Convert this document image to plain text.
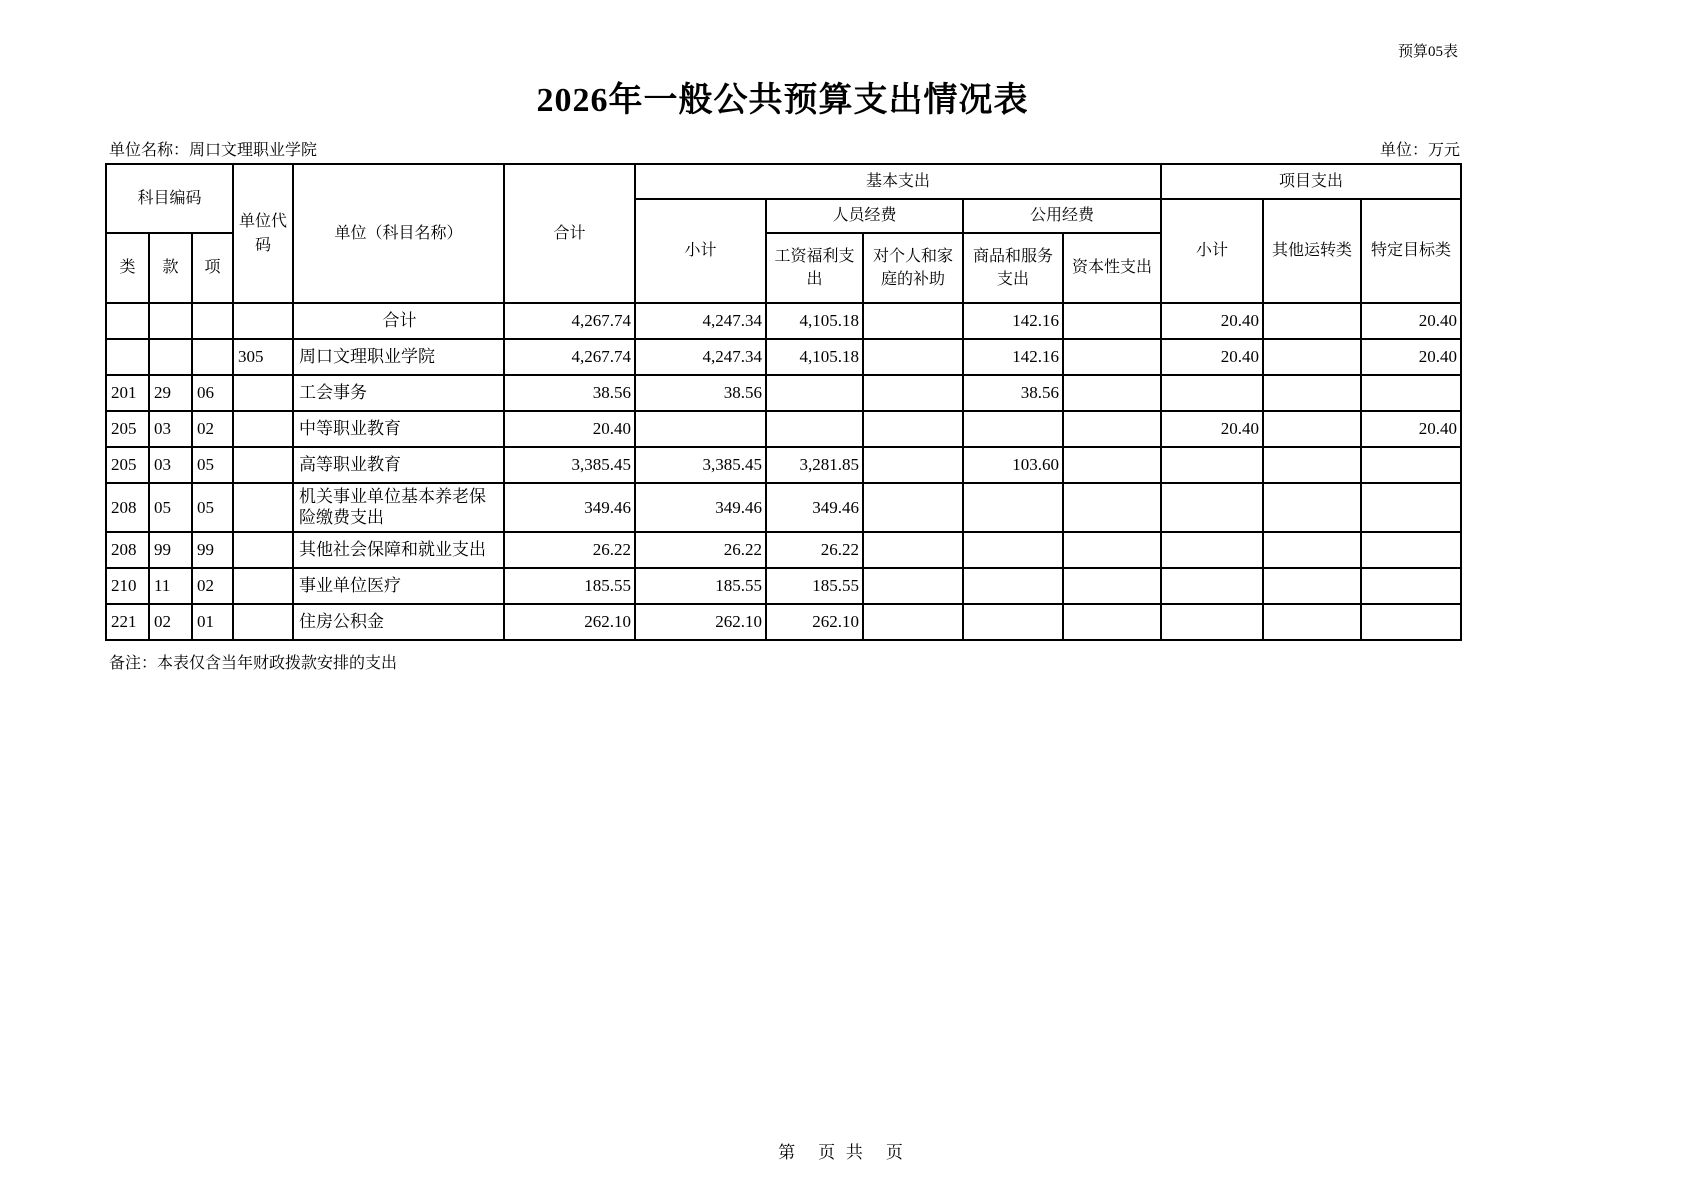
预算05表
2026年一般公共预算支出情况表
单位名称：周口文理职业学院	单位：万元
科目编码			单位代码	单位（科目名称）	合计	基本支出					项目支出		
						小计	人员经费		公用经费		小计	其他运转类	特定目标类
类	款	项					工资福利支出	对个人和家庭的补助	商品和服务支出	资本性支出			
				合计	4,267.74	4,247.34	4,105.18		142.16		20.40		20.40
			305	周口文理职业学院	4,267.74	4,247.34	4,105.18		142.16		20.40		20.40
201	29	06		工会事务	38.56	38.56			38.56				
205	03	02		中等职业教育	20.40						20.40		20.40
205	03	05		高等职业教育	3,385.45	3,385.45	3,281.85		103.60				
208	05	05		机关事业单位基本养老保险缴费支出	349.46	349.46	349.46						
208	99	99		其他社会保障和就业支出	26.22	26.22	26.22						
210	11	02		事业单位医疗	185.55	185.55	185.55						
221	02	01		住房公积金	262.10	262.10	262.10						
备注：本表仅含当年财政拨款安排的支出
第　页 共　页
